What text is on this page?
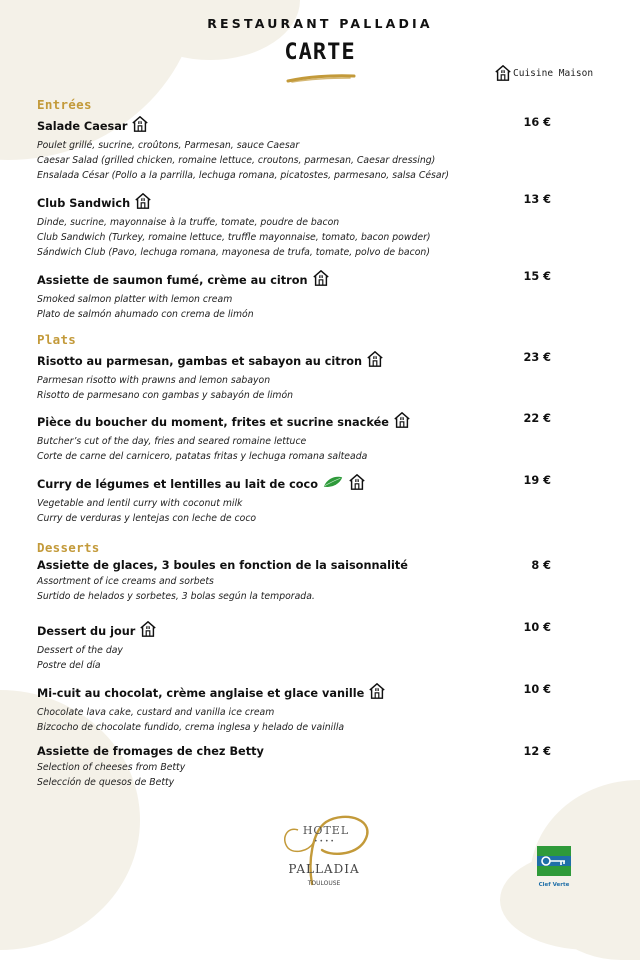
RESTAURANT PALLADIA
CARTE
Cuisine Maison
Entrées
Plats
Desserts
Salade Caesar	16 €
Poulet grillé, sucrine, croûtons, Parmesan, sauce Caesar
Caesar Salad (grilled chicken, romaine lettuce, croutons, parmesan, Caesar dressing)
Ensalada César (Pollo a la parrilla, lechuga romana, picatostes, parmesano, salsa César)
Club Sandwich	13 €
Dinde, sucrine, mayonnaise à la truffe, tomate, poudre de bacon
Club Sandwich (Turkey, romaine lettuce, truffle mayonnaise, tomato, bacon powder)
Sándwich Club (Pavo, lechuga romana, mayonesa de trufa, tomate, polvo de bacon)
Assiette de saumon fumé, crème au citron	15 €
Smoked salmon platter with lemon cream
Plato de salmón ahumado con crema de limón
Risotto au parmesan, gambas et sabayon au citron	23 €
Parmesan risotto with prawns and lemon sabayon
Risotto de parmesano con gambas y sabayón de limón
Pièce du boucher du moment, frites et sucrine snackée	22 €
Butcher’s cut of the day, fries and seared romaine lettuce
Corte de carne del carnicero, patatas fritas y lechuga romana salteada
Curry de légumes et lentilles au lait de coco	19 €
Vegetable and lentil curry with coconut milk
Curry de verduras y lentejas con leche de coco
Assiette de glaces, 3 boules en fonction de la saisonnalité	8 €
Assortment of ice creams and sorbets
Surtido de helados y sorbetes, 3 bolas según la temporada.
Dessert du jour	10 €
Dessert of the day
Postre del día
Mi-cuit au chocolat, crème anglaise et glace vanille	10 €
Chocolate lava cake, custard and vanilla ice cream
Bizcocho de chocolate fundido, crema inglesa y helado de vainilla
Assiette de fromages de chez Betty	12 €
Selection of cheeses from Betty
Selección de quesos de Betty
HOTEL
• • • •
PALLADIA
TOULOUSE	Clef Verte
